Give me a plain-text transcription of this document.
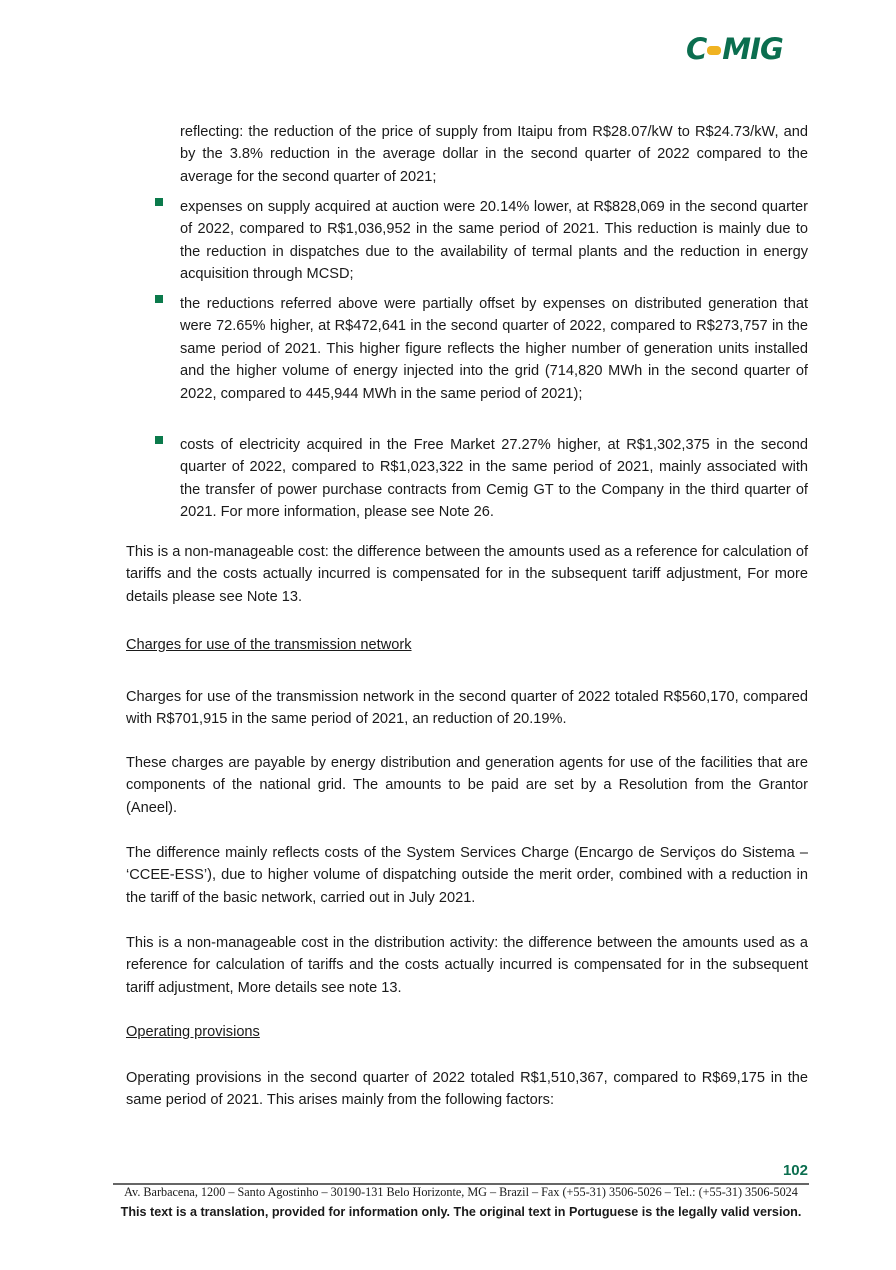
C MIG
reflecting: the reduction of the price of supply from Itaipu from R$28.07/kW to R$24.73/kW, and by the 3.8% reduction in the average dollar in the second quarter of 2022 compared to the average for the second quarter of 2021;
expenses on supply acquired at auction were 20.14% lower, at R$828,069 in the second quarter of 2022, compared to R$1,036,952 in the same period of 2021. This reduction is mainly due to the reduction in dispatches due to the availability of termal plants and the reduction in energy acquisition through MCSD;
the reductions referred above were partially offset by expenses on distributed generation that were 72.65% higher, at R$472,641 in the second quarter of 2022, compared to R$273,757 in the same period of 2021. This higher figure reflects the higher number of generation units installed and the higher volume of energy injected into the grid (714,820 MWh in the second quarter of 2022, compared to 445,944 MWh in the same period of 2021);
costs of electricity acquired in the Free Market 27.27% higher, at R$1,302,375 in the second quarter of 2022, compared to R$1,023,322 in the same period of 2021, mainly associated with the transfer of power purchase contracts from Cemig GT to the Company in the third quarter of 2021. For more information, please see Note 26.
This is a non-manageable cost: the difference between the amounts used as a reference for calculation of tariffs and the costs actually incurred is compensated for in the subsequent tariff adjustment, For more details please see Note 13.
Charges for use of the transmission network
Charges for use of the transmission network in the second quarter of 2022 totaled R$560,170, compared with R$701,915 in the same period of 2021, an reduction of 20.19%.
These charges are payable by energy distribution and generation agents for use of the facilities that are components of the national grid. The amounts to be paid are set by a Resolution from the Grantor (Aneel).
The difference mainly reflects costs of the System Services Charge (Encargo de Serviços do Sistema – ‘CCEE-ESS’), due to higher volume of dispatching outside the merit order, combined with a reduction in the tariff of the basic network, carried out in July 2021.
This is a non-manageable cost in the distribution activity: the difference between the amounts used as a reference for calculation of tariffs and the costs actually incurred is compensated for in the subsequent tariff adjustment, More details see note 13.
Operating provisions
Operating provisions in the second quarter of 2022 totaled R$1,510,367, compared to R$69,175 in the same period of 2021. This arises mainly from the following factors:
102
Av. Barbacena, 1200 – Santo Agostinho – 30190-131 Belo Horizonte, MG – Brazil – Fax (+55-31) 3506-5026 – Tel.: (+55-31) 3506-5024
This text is a translation, provided for information only. The original text in Portuguese is the legally valid version.
